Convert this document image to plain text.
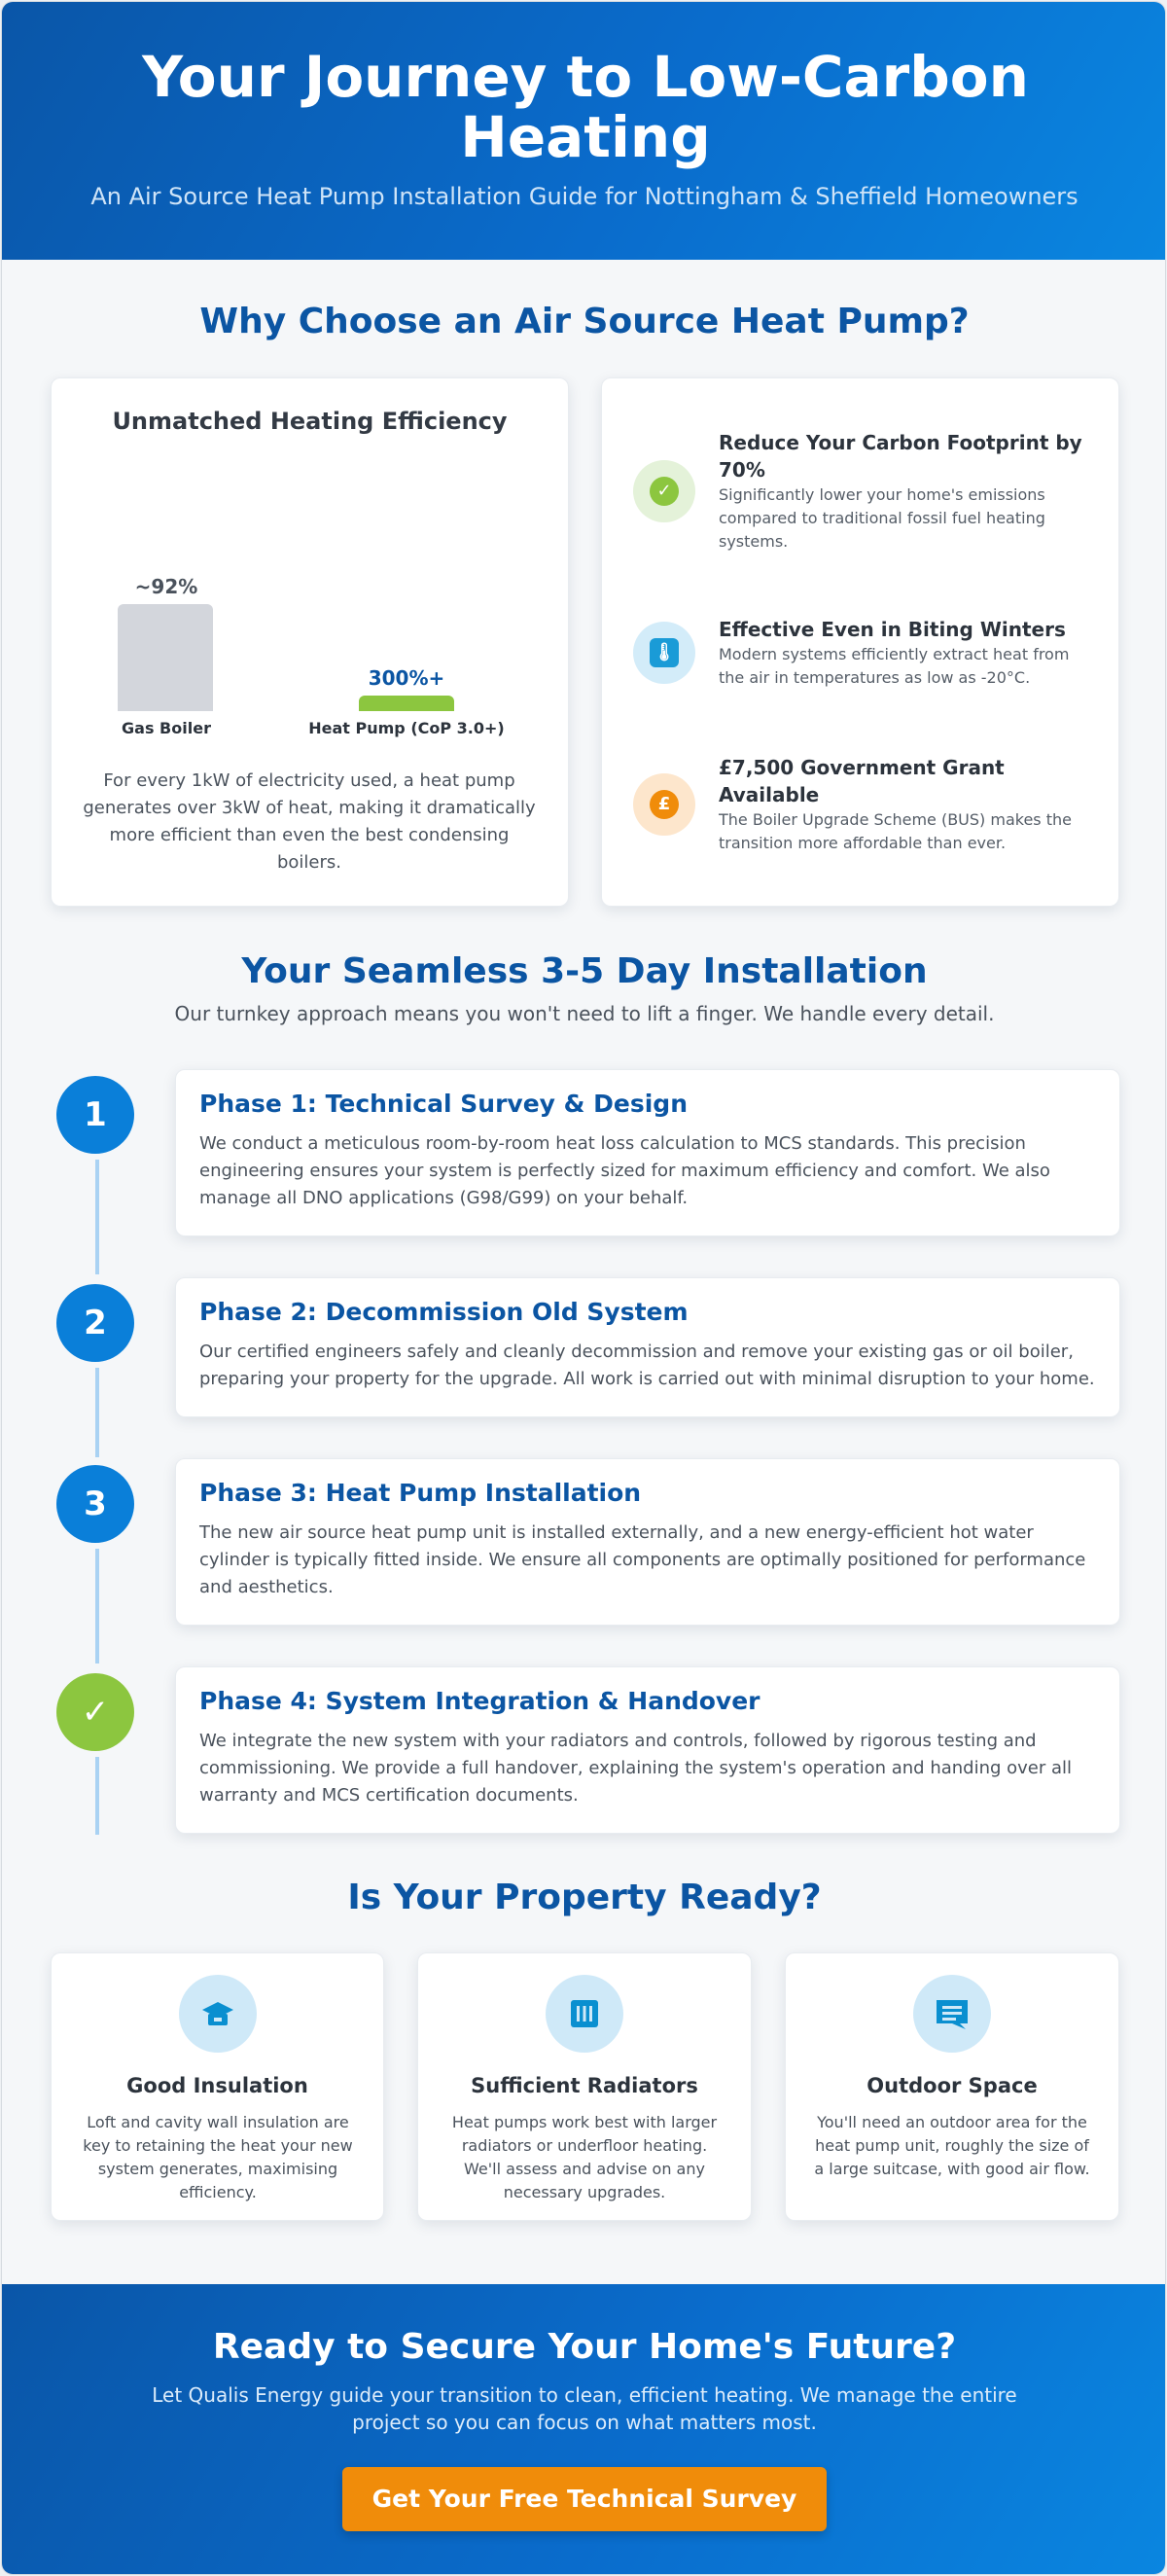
Your Journey to Low-Carbon Heating
An Air Source Heat Pump Installation Guide for Nottingham & Sheffield Homeowners
Why Choose an Air Source Heat Pump?
Unmatched Heating Efficiency
~92%
Gas Boiler
300%+
Heat Pump (CoP 3.0+)
For every 1kW of electricity used, a heat pump generates over 3kW of heat, making it dramatically more efficient than even the best condensing boilers.
✓
Reduce Your Carbon Footprint by 70%
Significantly lower your home's emissions compared to traditional fossil fuel heating systems.
🌡
Effective Even in Biting Winters
Modern systems efficiently extract heat from the air in temperatures as low as -20°C.
£
£7,500 Government Grant Available
The Boiler Upgrade Scheme (BUS) makes the transition more affordable than ever.
Your Seamless 3-5 Day Installation
Our turnkey approach means you won't need to lift a finger. We handle every detail.
1	Phase 1: Technical Survey & Design
We conduct a meticulous room-by-room heat loss calculation to MCS standards. This precision engineering ensures your system is perfectly sized for maximum efficiency and comfort. We also manage all DNO applications (G98/G99) on your behalf.
2	Phase 2: Decommission Old System
Our certified engineers safely and cleanly decommission and remove your existing gas or oil boiler, preparing your property for the upgrade. All work is carried out with minimal disruption to your home.
3	Phase 3: Heat Pump Installation
The new air source heat pump unit is installed externally, and a new energy-efficient hot water cylinder is typically fitted inside. We ensure all components are optimally positioned for performance and aesthetics.
✓	Phase 4: System Integration & Handover
We integrate the new system with your radiators and controls, followed by rigorous testing and commissioning. We provide a full handover, explaining the system's operation and handing over all warranty and MCS certification documents.
Is Your Property Ready?
Good Insulation
Loft and cavity wall insulation are key to retaining the heat your new system generates, maximising efficiency.
Sufficient Radiators
Heat pumps work best with larger radiators or underfloor heating. We'll assess and advise on any necessary upgrades.
Outdoor Space
You'll need an outdoor area for the heat pump unit, roughly the size of a large suitcase, with good air flow.
Ready to Secure Your Home's Future?
Let Qualis Energy guide your transition to clean, efficient heating. We manage the entire project so you can focus on what matters most.
Get Your Free Technical Survey
